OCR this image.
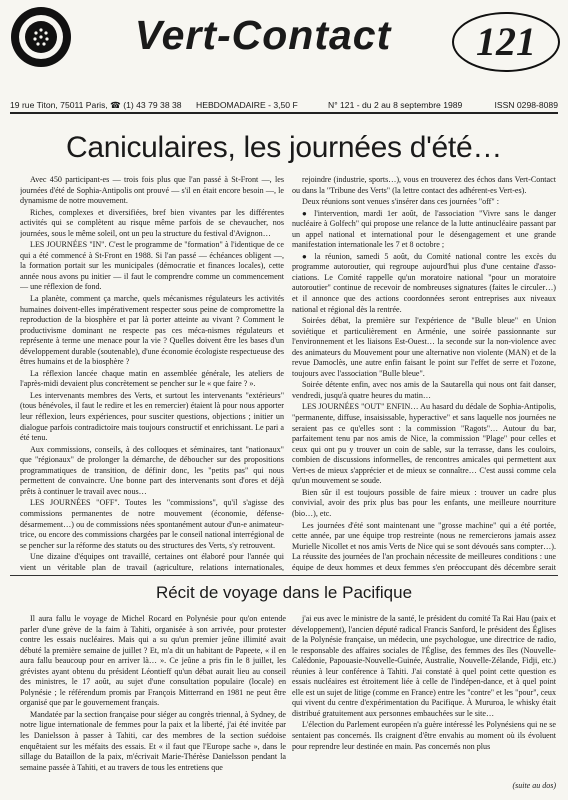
Vert-Contact	121
19 rue Titon, 75011 Paris, ☎ (1) 43 79 38 38 HEBDOMADAIRE - 3,50 F	N° 121 - du 2 au 8 septembre 1989	ISSN 0298-8089
Caniculaires, les journées d'été…

Avec 450 participant-es — trois fois plus que l'an passé à St-Front —, les journées d'été de Sophia-Antipolis ont prouvé — s'il en était encore besoin —, le dynamisme de notre mouvement.

Riches, complexes et diversifiées, bref bien vivantes par les différentes activités qui se complètent au risque même parfois de se chevaucher, nos journées, sous le même soleil, ont un peu la structure du festival d'Avignon…

LES JOURNÉES "IN". C'est le programme de "formation" à l'identique de ce qui a été commencé à St-Front en 1988. Si l'an passé — échéances obligent —, la formation portait sur les municipales (démocratie et finances locales), cette année nous avons pu initier — il faut le comprendre comme un commencement — une réflexion de fond.

La planète, comment ça marche, quels mécanismes régulateurs les activités humaines doivent-elles impérativement respecter sous peine de compromettre la reproduction de la biosphère et par là porter atteinte au vivant ? Comment le productivisme dominant ne respecte pas ces méca-nismes régulateurs et représente à terme une menace pour la vie ? Quelles doivent être les bases d'un développement durable (soutenable), d'une économie écologiste respectueuse des êtres humains et de la biosphère ?

La réflexion lancée chaque matin en assemblée générale, les ateliers de l'après-midi devaient plus concrètement se pencher sur le « que faire ? ».

Les intervenants membres des Verts, et surtout les intervenants "extérieurs" (tous bénévoles, il faut le redire et les en remercier) étaient là pour nous apporter leur réflexion, leurs expériences, pour susciter questions, objections ; initier un dialogue parfois contradictoire mais toujours constructif et enrichissant. Le pari a été tenu.

Aux commissions, conseils, à des colloques et séminaires, tant "nationaux" que "régionaux" de prolonger la démarche, de déboucher sur des propositions programmatiques de transition, de définir donc, les "petits pas" qui nous permettent de convaincre. Une bonne part des intervenants sont d'ores et déjà prêts à continuer le travail avec nous…

LES JOURNÉES "OFF". Toutes les "commissions", qu'il s'agisse des commissions permanentes de notre mouvement (économie, défense-désarmement…) ou de commissions nées spontanément autour d'un-e animateur-trice, ou encore des commissions chargées par le conseil national interrégional de se pencher sur la réforme des statuts ou des structures des Verts, s'y retrouvent.

Une dizaine d'équipes ont travaillé, certaines ont élaboré pour l'année qui vient un véritable plan de travail (agriculture, relations internationales,

rejoindre (industrie, sports…), vous en trouverez des échos dans Vert-Contact ou dans la "Tribune des Verts" (la lettre contact des adhérent-es Vert-es).

Deux réunions sont venues s'insérer dans ces journées "off" :

● l'intervention, mardi 1er août, de l'association "Vivre sans le danger nucléaire à Golfech" qui propose une relance de la lutte antinucléaire passant par un appel national et international pour le désengagement et une grande manifestation internationale les 7 et 8 octobre ;

● la réunion, samedi 5 août, du Comité national contre les excès du programme autoroutier, qui regroupe aujourd'hui plus d'une centaine d'asso-ciations. Le Comité rappelle qu'un moratoire national "pour un moratoire autoroutier" continue de recevoir de nombreuses signatures (faites le circuler…) et il annonce que des actions coordonnées seront entreprises aux niveaux national et régional dès la rentrée.

Soirées débat, la première sur l'expérience de "Bulle bleue" en Union soviétique et particulièrement en Arménie, une soirée passionnante sur l'environnement et les liaisons Est-Ouest… la seconde sur la non-violence avec des animateurs du Mouvement pour une alternative non violente (MAN) et de la revue Damoclès, une autre enfin faisant le point sur l'effet de serre et l'ozone, toujours avec l'association "Bulle bleue".

Soirée détente enfin, avec nos amis de la Sautarella qui nous ont fait danser, vendredi, jusqu'à quatre heures du matin…

LES JOURNÉES "OUT" ENFIN… Au hasard du dédale de Sophia-Antipolis, "permanente, diffuse, insaisissable, hyperactive" et sans laquelle nos journées ne seraient pas ce qu'elles sont : la commission "Ragots"… Autour du bar, parfaitement tenu par nos amis de Nice, la commission "Plage" pour celles et ceux qui ont pu y trouver un coin de sable, sur la terrasse, dans les couloirs, combien de discussions informelles, de rencontres amicales qui permettent aux Vert-es de mieux s'apprécier et de mieux se connaître… C'est aussi comme cela qu'un mouvement se soude.

Bien sûr il est toujours possible de faire mieux : trouver un cadre plus convivial, avoir des prix plus bas pour les enfants, une meilleure nourriture (bio…), etc.

Les journées d'été sont maintenant une "grosse machine" qui a été portée, cette année, par une équipe trop restreinte (nous ne remercierons jamais assez Murielle Nicollet et nos amis Verts de Nice qui se sont dévoués sans compter…). La réussite des journées de l'an prochain nécessite de meilleures conditions : une équipe de deux hommes et deux femmes s'en préoccupant dès décembre serait

Récit de voyage dans le Pacifique

Il aura fallu le voyage de Michel Rocard en Polynésie pour qu'on entende parler d'une grève de la faim à Tahiti, organisée à son arrivée, pour protester contre les essais nucléaires. Mais qui a su qu'un premier jeûne illimité avait débuté la première semaine de juillet ? Et, m'a dit un habitant de Papeete, « il en aura fallu beaucoup pour en arriver là… ». Ce jeûne a pris fin le 8 juillet, les grévistes ayant obtenu du président Léontieff qu'un débat aurait lieu au conseil des ministres, le 17 août, au sujet d'une consultation populaire (locale) en Polynésie ; le référendum promis par François Mitterrand en 1981 ne peut être organisé que par le gouvernement français.

Mandatée par la section française pour siéger au congrès triennal, à Sydney, de notre ligue internationale de femmes pour la paix et la liberté, j'ai été invitée par les Danielsson à passer à Tahiti, car des membres de la section suédoise enquêtaient sur les méfaits des essais. Et « il faut que l'Europe sache », dans le sillage du Bataillon de la paix, m'écrivait Marie-Thérèse Danielsson pendant la semaine passée à Tahiti, et au travers de tous les entretiens que

j'ai eus avec le ministre de la santé, le président du comité Ta Rai Hau (paix et développement), l'ancien député radical Francis Sanford, le président des Églises de la Polynésie française, un médecin, une psychologue, une directrice de radio, le responsable des affaires sociales de l'Église, des femmes des îles (Nouvelle-Calédonie, Papouasie-Nouvelle-Guinée, Australie, Nouvelle-Zélande, Fidji, etc.) réunies à leur conférence à Tahiti. J'ai constaté à quel point cette question es essais nucléaires est étroitement liée à celle de l'indépen-dance, et à quel point elle est un sujet de litige (comme en France) entre les "contre" et les "pour", ceux qui vivent du centre d'expérimentation du Pacifique. À Mururoa, le whisky était distribué gratuitement aux personnes embauchées sur le site…

L'élection du Parlement européen n'a guère intéressé les Polynésiens qui ne se sentaient pas concernés. Ils craignent d'être envahis au moment où ils évoluent pour reprendre leur destinée en main. Pas concernés non plus

(suite au dos)
